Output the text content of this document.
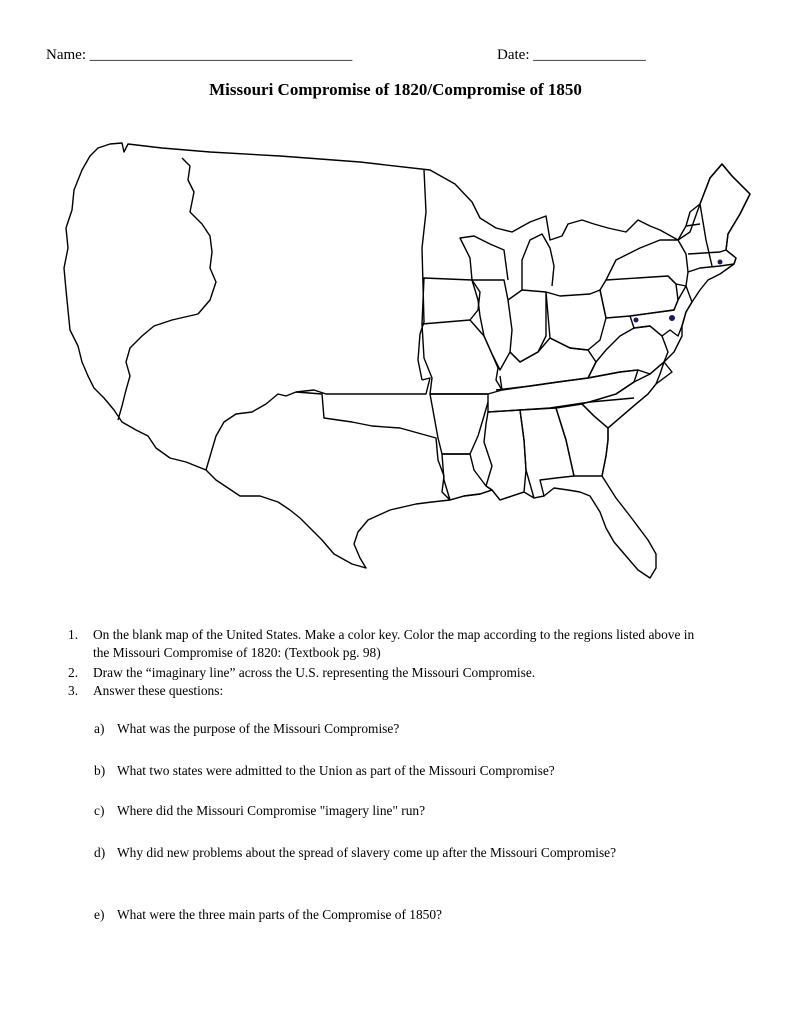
Name: ___________________________________	Date: _______________
Missouri Compromise of 1820/Compromise of 1850
1. On the blank map of the United States. Make a color key. Color the map according to the regions listed above in
the Missouri Compromise of 1820: (Textbook pg. 98)
2. Draw the “imaginary line” across the U.S. representing the Missouri Compromise.
3. Answer these questions:
a) What was the purpose of the Missouri Compromise?
b) What two states were admitted to the Union as part of the Missouri Compromise?
c) Where did the Missouri Compromise "imagery line" run?
d) Why did new problems about the spread of slavery come up after the Missouri Compromise?
e) What were the three main parts of the Compromise of 1850?
